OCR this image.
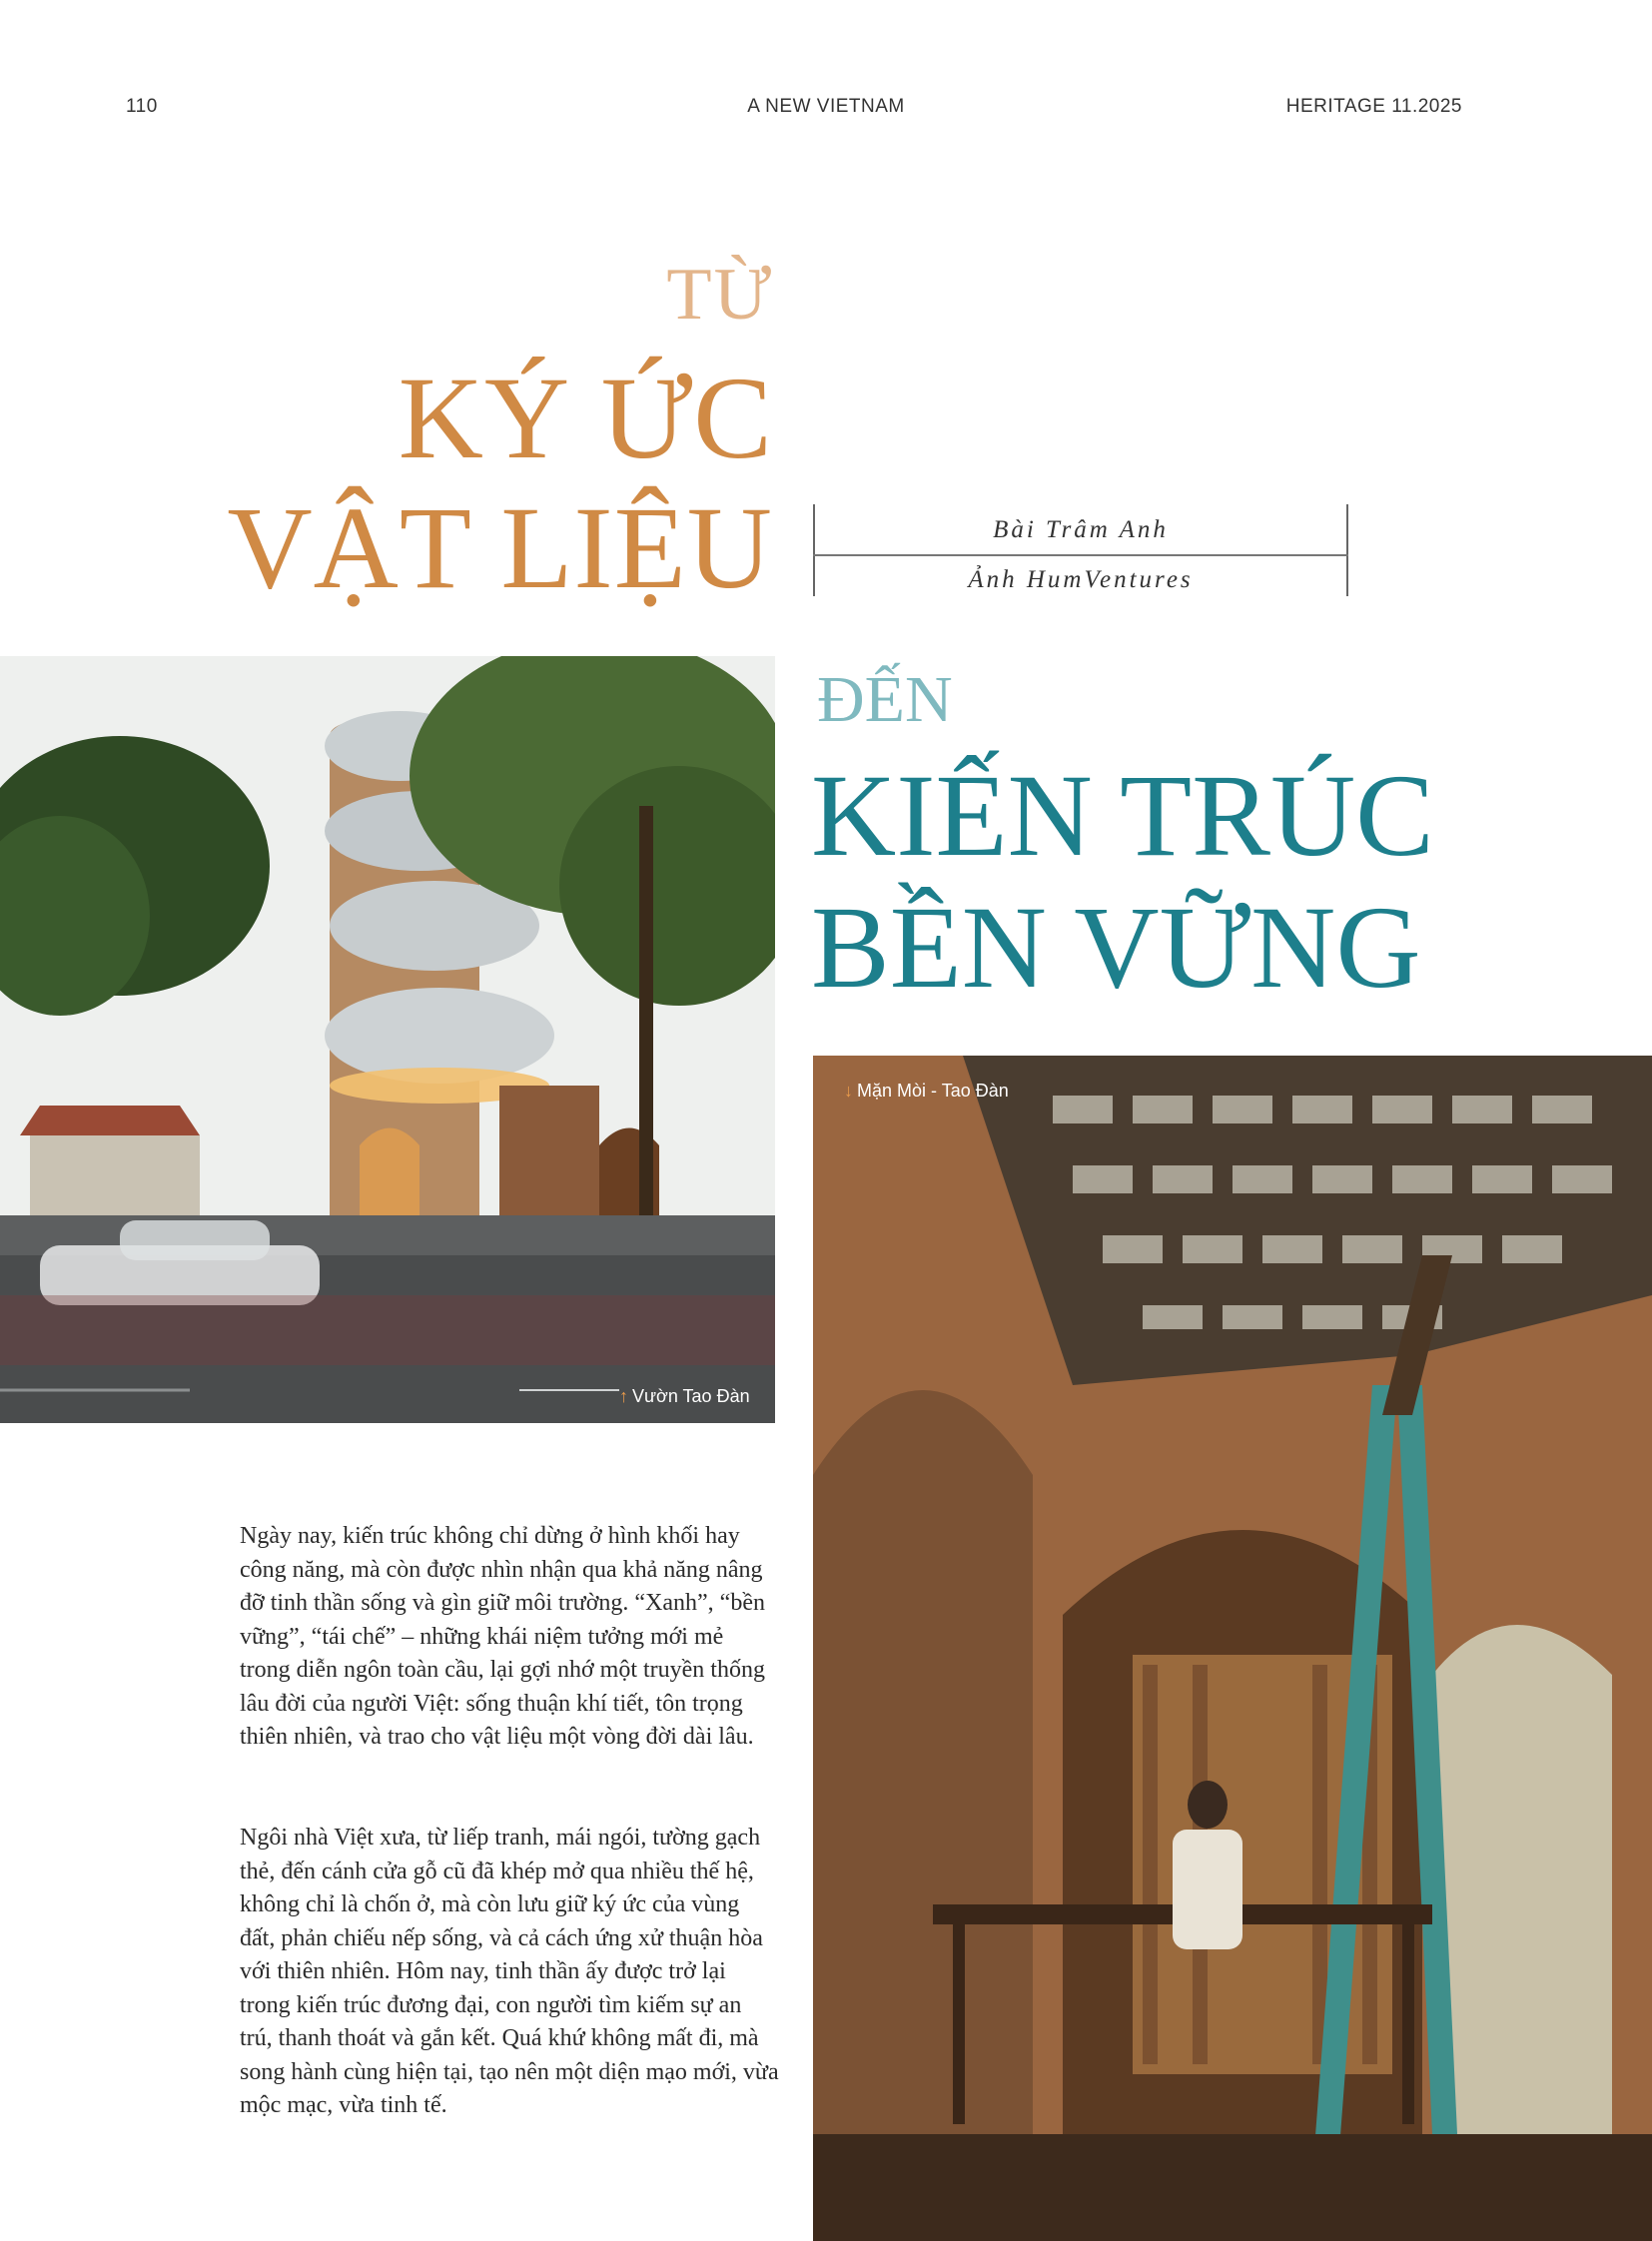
110	A NEW VIETNAM	HERITAGE 11.2025
TỪ
KÝ ỨC
VẬT LIỆU	Bài Trâm Anh
Ảnh HumVentures
ĐẾN
KIẾN TRÚC
BỀN VỮNG
↑ Vườn Tao Đàn
↓ Mặn Mòi - Tao Đàn

Ngày nay, kiến trúc không chỉ dừng ở hình khối hay công năng, mà còn được nhìn nhận qua khả năng nâng đỡ tinh thần sống và gìn giữ môi trường. “Xanh”, “bền vững”, “tái chế” – những khái niệm tưởng mới mẻ trong diễn ngôn toàn cầu, lại gợi nhớ một truyền thống lâu đời của người Việt: sống thuận khí tiết, tôn trọng thiên nhiên, và trao cho vật liệu một vòng đời dài lâu.

Ngôi nhà Việt xưa, từ liếp tranh, mái ngói, tường gạch thẻ, đến cánh cửa gỗ cũ đã khép mở qua nhiều thế hệ, không chỉ là chốn ở, mà còn lưu giữ ký ức của vùng đất, phản chiếu nếp sống, và cả cách ứng xử thuận hòa với thiên nhiên. Hôm nay, tinh thần ấy được trở lại trong kiến trúc đương đại, con người tìm kiếm sự an trú, thanh thoát và gắn kết. Quá khứ không mất đi, mà song hành cùng hiện tại, tạo nên một diện mạo mới, vừa mộc mạc, vừa tinh tế.
